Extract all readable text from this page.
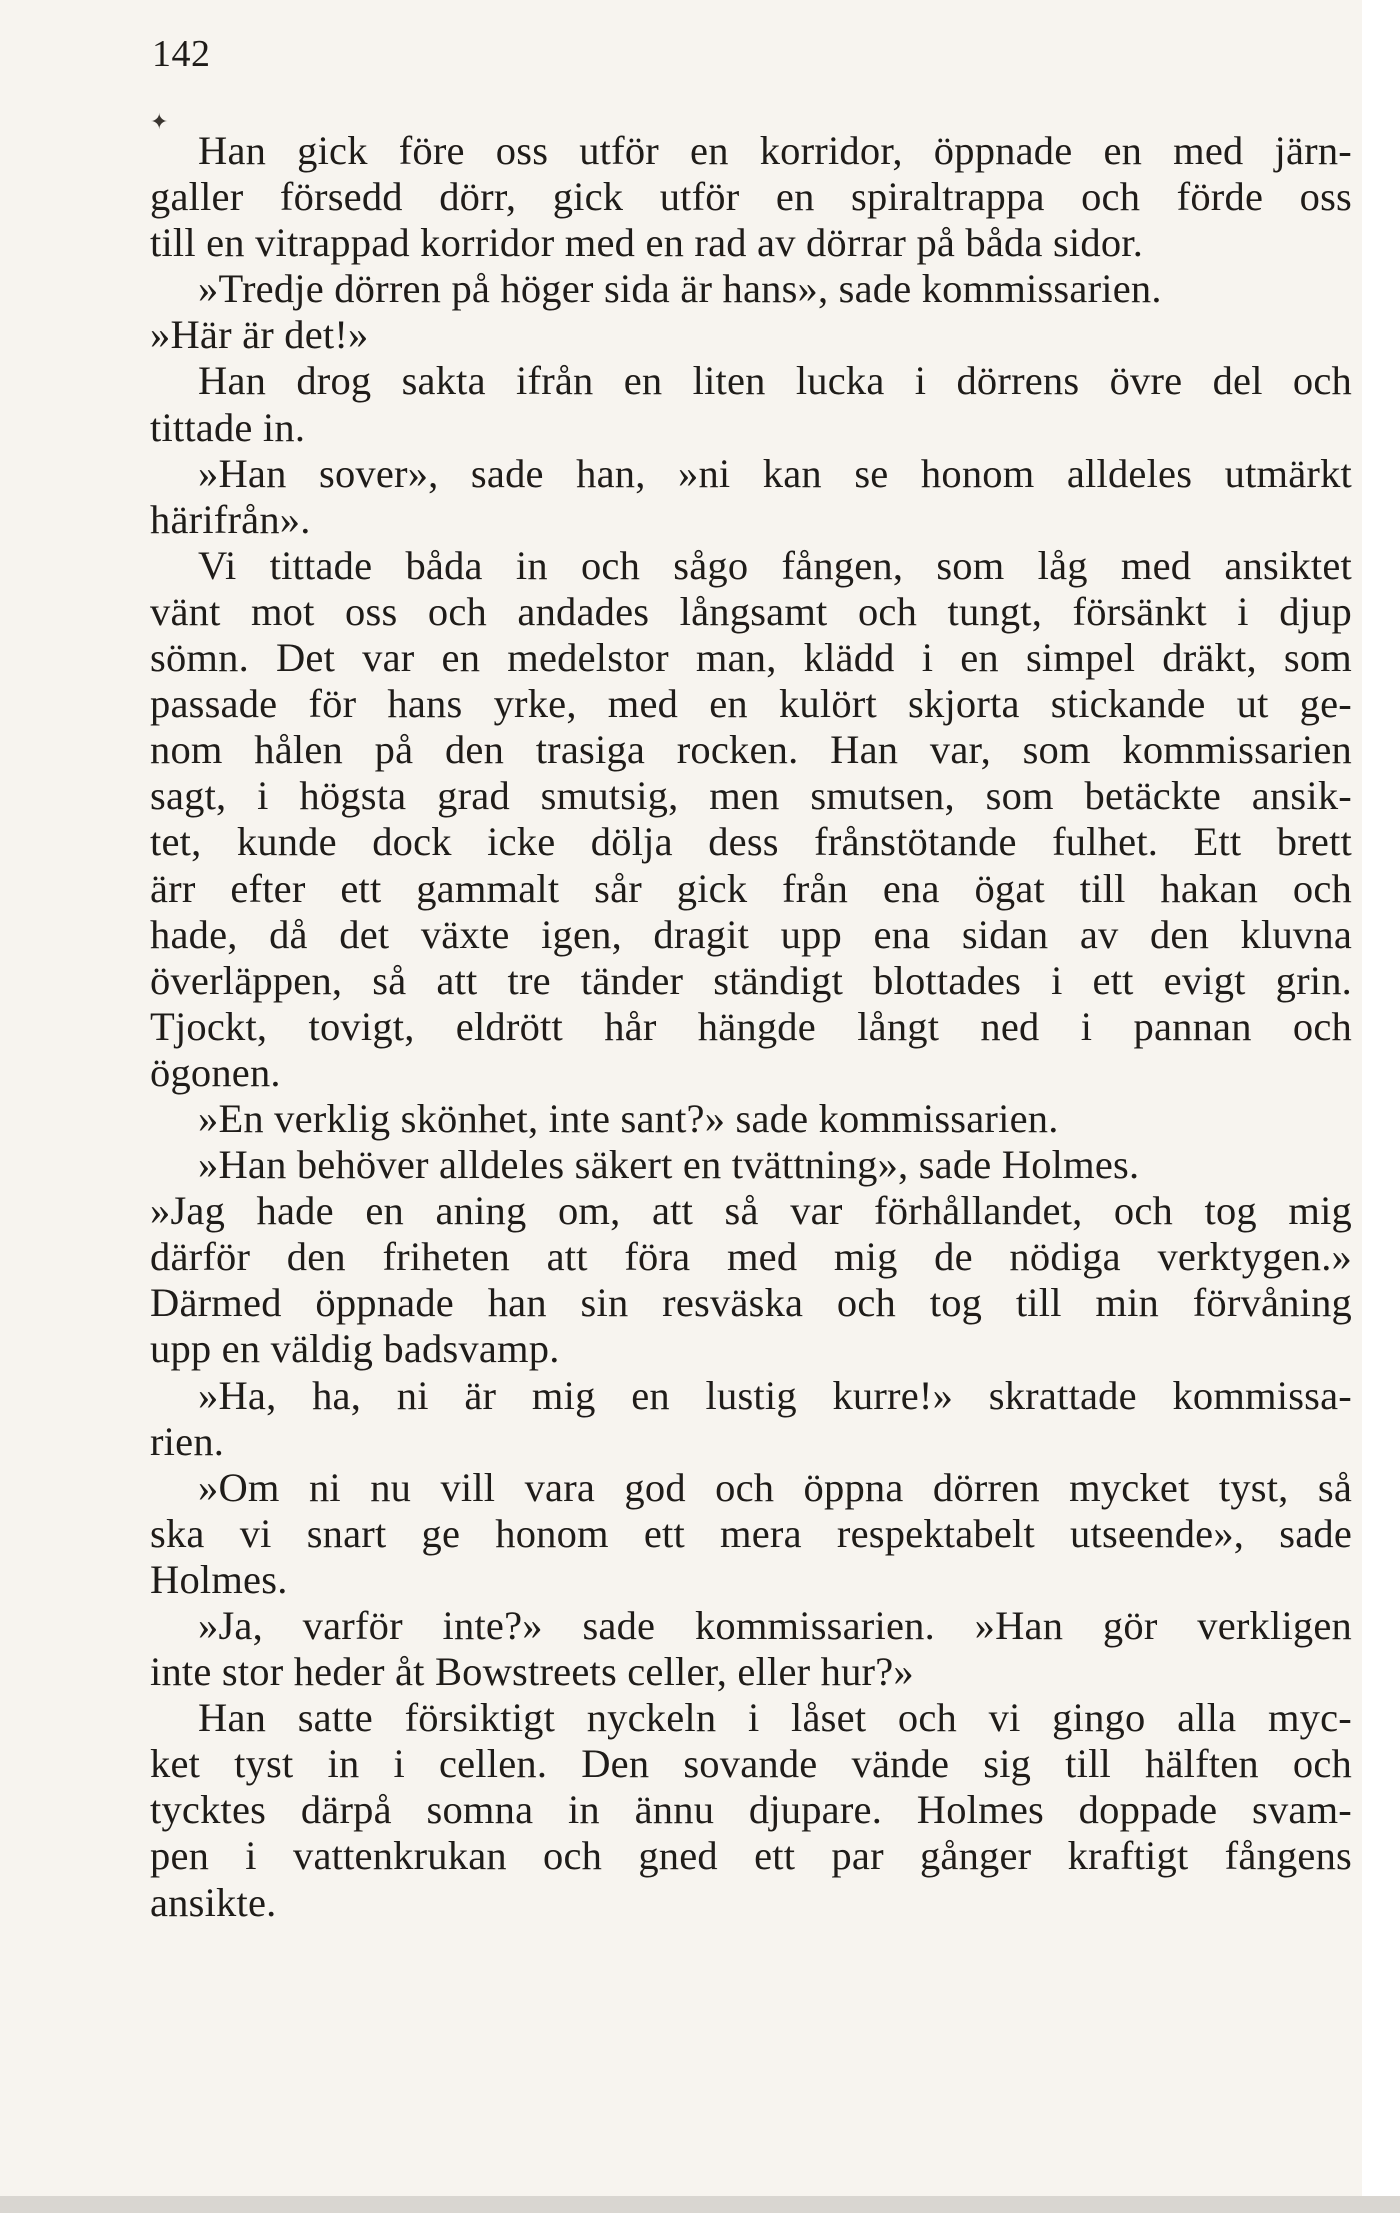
142
✦
Han gick före oss utför en korridor, öppnade en med järn-
galler försedd dörr, gick utför en spiraltrappa och förde oss
till en vitrappad korridor med en rad av dörrar på båda sidor.
»Tredje dörren på höger sida är hans», sade kommissarien.
»Här är det!»
Han drog sakta ifrån en liten lucka i dörrens övre del och
tittade in.
»Han sover», sade han, »ni kan se honom alldeles utmärkt
härifrån».
Vi tittade båda in och sågo fången, som låg med ansiktet
vänt mot oss och andades långsamt och tungt, försänkt i djup
sömn. Det var en medelstor man, klädd i en simpel dräkt, som
passade för hans yrke, med en kulört skjorta stickande ut ge-
nom hålen på den trasiga rocken. Han var, som kommissarien
sagt, i högsta grad smutsig, men smutsen, som betäckte ansik-
tet, kunde dock icke dölja dess frånstötande fulhet. Ett brett
ärr efter ett gammalt sår gick från ena ögat till hakan och
hade, då det växte igen, dragit upp ena sidan av den kluvna
överläppen, så att tre tänder ständigt blottades i ett evigt grin.
Tjockt, tovigt, eldrött hår hängde långt ned i pannan och
ögonen.
»En verklig skönhet, inte sant?» sade kommissarien.
»Han behöver alldeles säkert en tvättning», sade Holmes.
»Jag hade en aning om, att så var förhållandet, och tog mig
därför den friheten att föra med mig de nödiga verktygen.»
Därmed öppnade han sin resväska och tog till min förvåning
upp en väldig badsvamp.
»Ha, ha, ni är mig en lustig kurre!» skrattade kommissa-
rien.
»Om ni nu vill vara god och öppna dörren mycket tyst, så
ska vi snart ge honom ett mera respektabelt utseende», sade
Holmes.
»Ja, varför inte?» sade kommissarien. »Han gör verkligen
inte stor heder åt Bowstreets celler, eller hur?»
Han satte försiktigt nyckeln i låset och vi gingo alla myc-
ket tyst in i cellen. Den sovande vände sig till hälften och
tycktes därpå somna in ännu djupare. Holmes doppade svam-
pen i vattenkrukan och gned ett par gånger kraftigt fångens
ansikte.
